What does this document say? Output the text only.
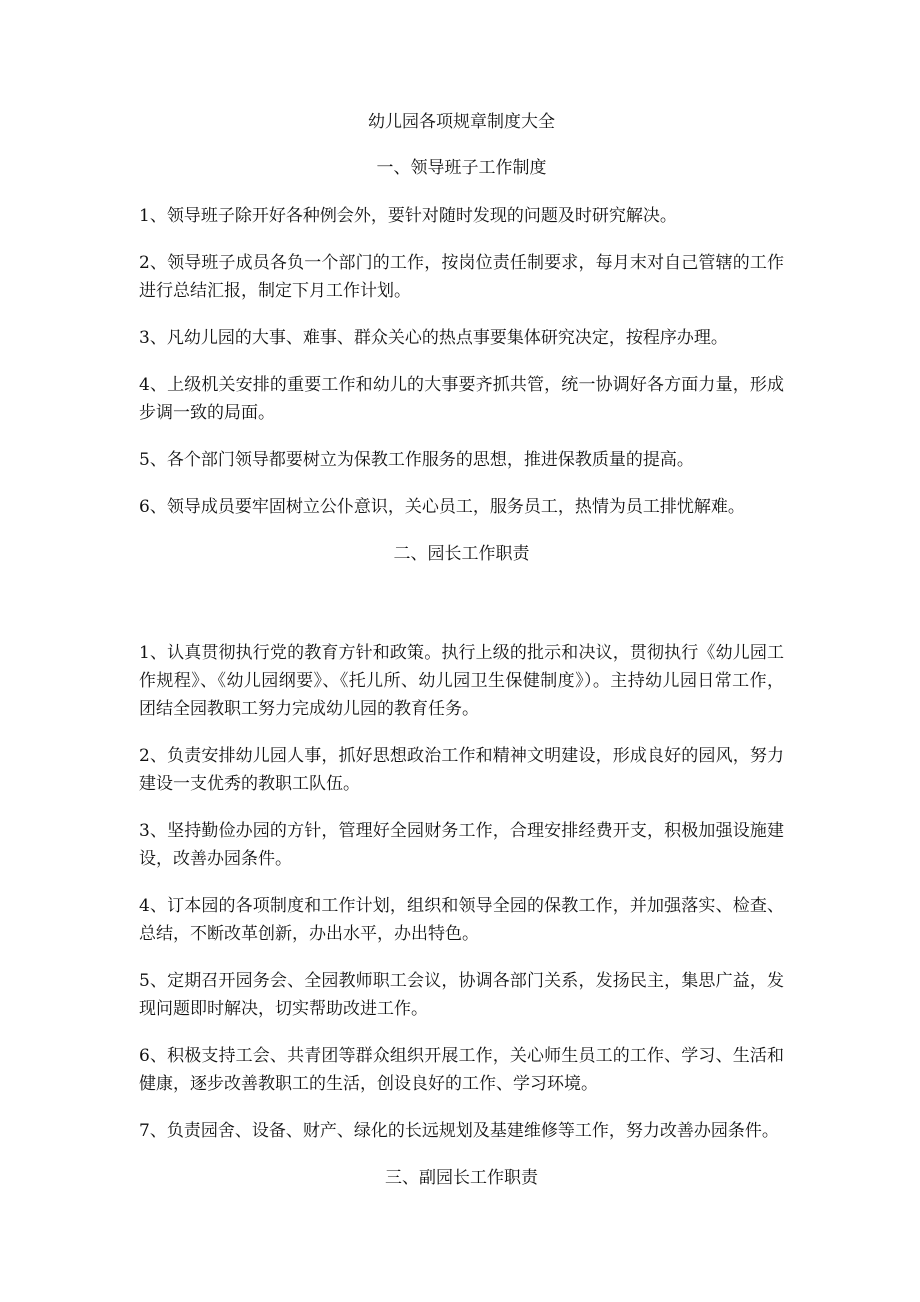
幼儿园各项规章制度大全
一、领导班子工作制度

1、领导班子除开好各种例会外，要针对随时发现的问题及时研究解决。

2、领导班子成员各负一个部门的工作，按岗位责任制要求，每月末对自己管辖的工作进行总结汇报，制定下月工作计划。

3、凡幼儿园的大事、难事、群众关心的热点事要集体研究决定，按程序办理。

4、上级机关安排的重要工作和幼儿的大事要齐抓共管，统一协调好各方面力量，形成步调一致的局面。

5、各个部门领导都要树立为保教工作服务的思想，推进保教质量的提高。

6、领导成员要牢固树立公仆意识，关心员工，服务员工，热情为员工排忧解难。

二、园长工作职责

1、认真贯彻执行党的教育方针和政策。执行上级的批示和决议，贯彻执行《幼儿园工作规程》、《幼儿园纲要》、《托儿所、幼儿园卫生保健制度》）。主持幼儿园日常工作，团结全园教职工努力完成幼儿园的教育任务。

2、负责安排幼儿园人事，抓好思想政治工作和精神文明建设，形成良好的园风，努力建设一支优秀的教职工队伍。

3、坚持勤俭办园的方针，管理好全园财务工作，合理安排经费开支，积极加强设施建设，改善办园条件。

4、订本园的各项制度和工作计划，组织和领导全园的保教工作，并加强落实、检查、总结，不断改革创新，办出水平，办出特色。

5、定期召开园务会、全园教师职工会议，协调各部门关系，发扬民主，集思广益，发现问题即时解决，切实帮助改进工作。

6、积极支持工会、共青团等群众组织开展工作，关心师生员工的工作、学习、生活和健康，逐步改善教职工的生活，创设良好的工作、学习环境。

7、负责园舍、设备、财产、绿化的长远规划及基建维修等工作，努力改善办园条件。

三、副园长工作职责
